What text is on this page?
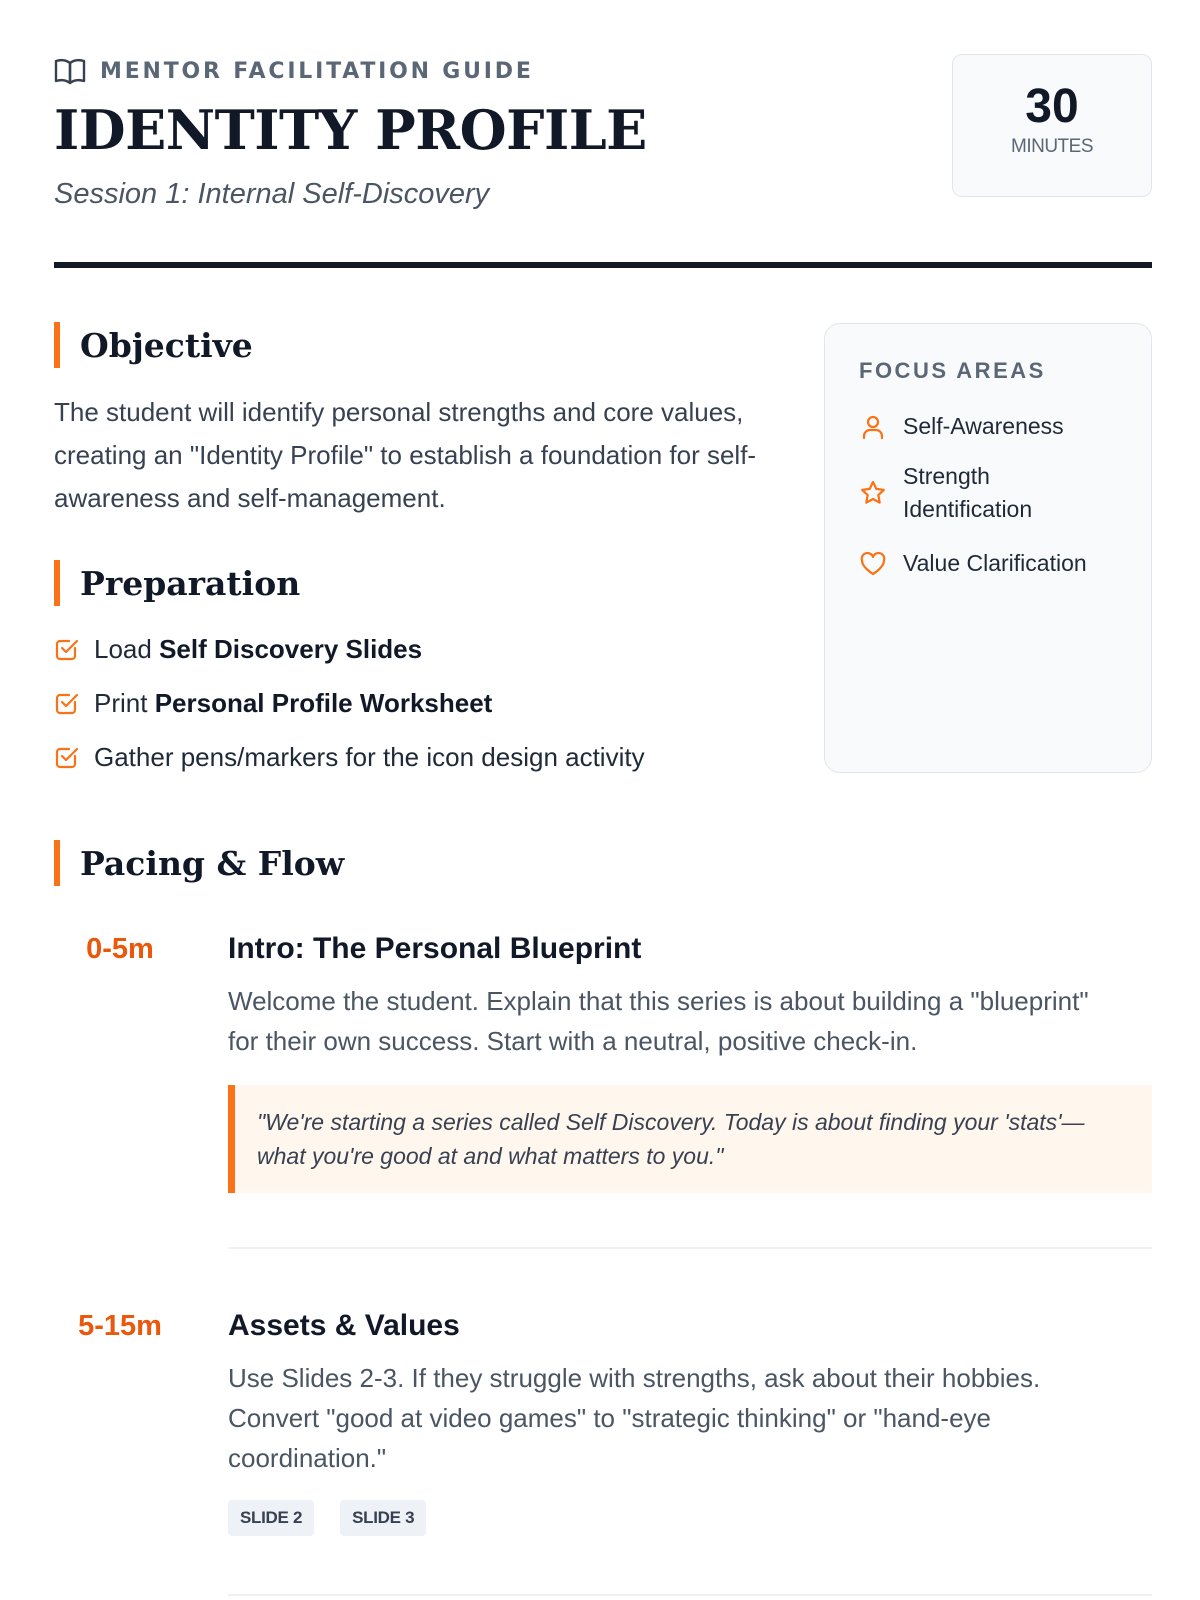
MENTOR FACILITATION GUIDE
IDENTITY PROFILE
Session 1: Internal Self-Discovery
30
MINUTES
Objective

The student will identify personal strengths and core values, creating an "Identity Profile" to establish a foundation for self-awareness and self-management.

Preparation
Load Self Discovery Slides
Print Personal Profile Worksheet
Gather pens/markers for the icon design activity
FOCUS AREAS
Self-Awareness
Strength Identification
Value Clarification
Pacing & Flow
0-5m	Intro: The Personal Blueprint

Welcome the student. Explain that this series is about building a "blueprint" for their own success. Start with a neutral, positive check-in.

"We're starting a series called Self Discovery. Today is about finding your 'stats'—what you're good at and what matters to you."
5-15m	Assets & Values

Use Slides 2-3. If they struggle with strengths, ask about their hobbies. Convert "good at video games" to "strategic thinking" or "hand-eye coordination."

SLIDE 2	SLIDE 3
